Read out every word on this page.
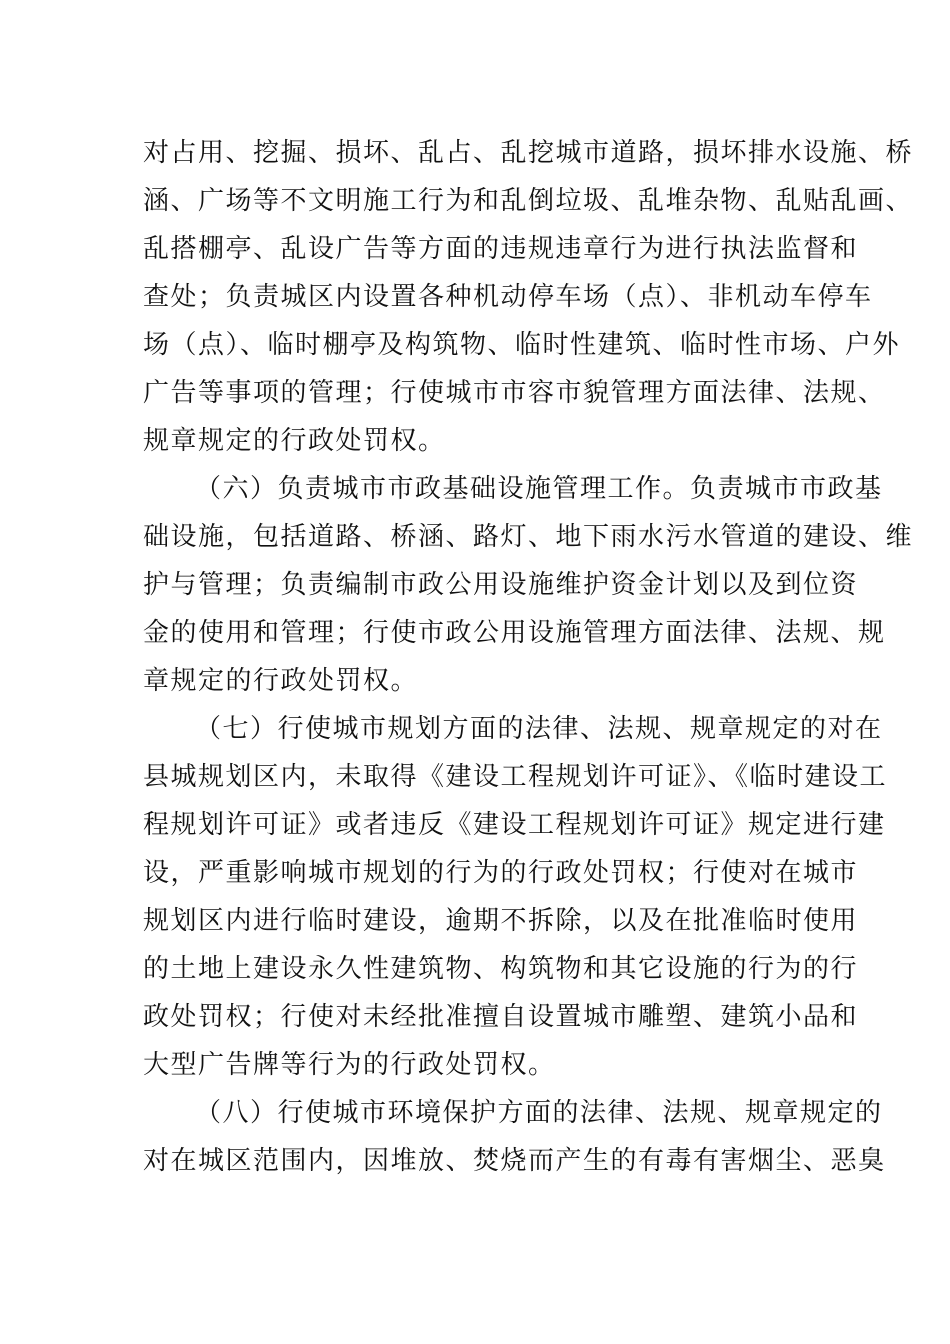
对占用、挖掘、损坏、乱占、乱挖城市道路，损坏排水设施、桥
涵、广场等不文明施工行为和乱倒垃圾、乱堆杂物、乱贴乱画、
乱搭棚亭、乱设广告等方面的违规违章行为进行执法监督和
查处；负责城区内设置各种机动停车场（点）、非机动车停车
场（点）、临时棚亭及构筑物、临时性建筑、临时性市场、户外
广告等事项的管理；行使城市市容市貌管理方面法律、法规、
规章规定的行政处罚权。
（六）负责城市市政基础设施管理工作。负责城市市政基
础设施，包括道路、桥涵、路灯、地下雨水污水管道的建设、维
护与管理；负责编制市政公用设施维护资金计划以及到位资
金的使用和管理；行使市政公用设施管理方面法律、法规、规
章规定的行政处罚权。
（七）行使城市规划方面的法律、法规、规章规定的对在
县城规划区内，未取得《建设工程规划许可证》、《临时建设工
程规划许可证》或者违反《建设工程规划许可证》规定进行建
设，严重影响城市规划的行为的行政处罚权；行使对在城市
规划区内进行临时建设，逾期不拆除，以及在批准临时使用
的土地上建设永久性建筑物、构筑物和其它设施的行为的行
政处罚权；行使对未经批准擅自设置城市雕塑、建筑小品和
大型广告牌等行为的行政处罚权。
（八）行使城市环境保护方面的法律、法规、规章规定的
对在城区范围内，因堆放、焚烧而产生的有毒有害烟尘、恶臭
